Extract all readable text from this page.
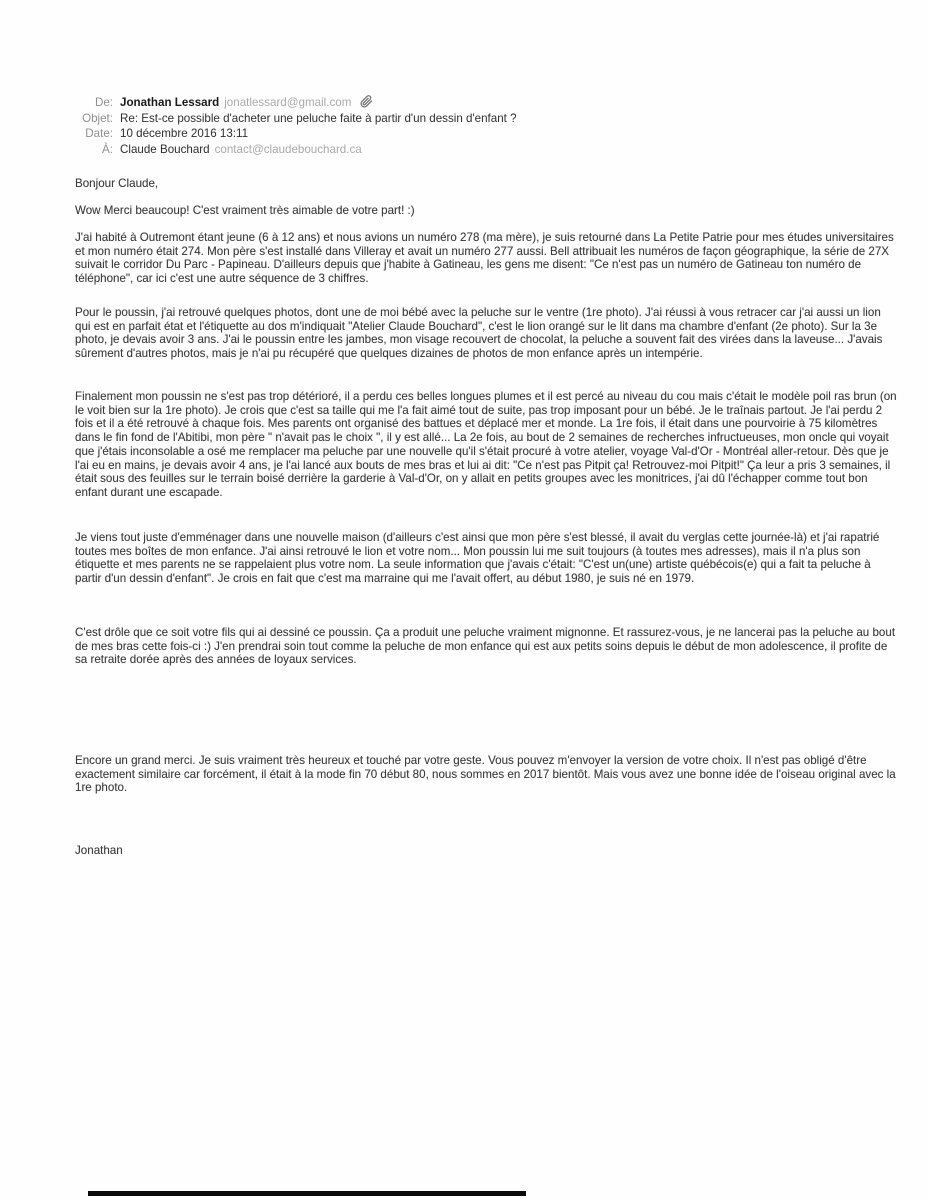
De: Jonathan Lessard jonatlessard@gmail.com
Objet: Re: Est-ce possible d'acheter une peluche faite à partir d'un dessin d'enfant ?
Date: 10 décembre 2016 13:11
À: Claude Bouchard contact@claudebouchard.ca

Bonjour Claude,

Wow Merci beaucoup! C'est vraiment très aimable de votre part! :)

J'ai habité à Outremont étant jeune (6 à 12 ans) et nous avions un numéro 278 (ma mère), je suis retourné dans La Petite Patrie pour mes études universitaires et mon numéro était 274. Mon père s'est installé dans Villeray et avait un numéro 277 aussi. Bell attribuait les numéros de façon géographique, la série de 27X suivait le corridor Du Parc - Papineau. D'ailleurs depuis que j'habite à Gatineau, les gens me disent: "Ce n'est pas un numéro de Gatineau ton numéro de téléphone", car ici c'est une autre séquence de 3 chiffres.

Pour le poussin, j'ai retrouvé quelques photos, dont une de moi bébé avec la peluche sur le ventre (1re photo). J'ai réussi à vous retracer car j'ai aussi un lion qui est en parfait état et l'étiquette au dos m'indiquait "Atelier Claude Bouchard", c'est le lion orangé sur le lit dans ma chambre d'enfant (2e photo). Sur la 3e photo, je devais avoir 3 ans. J'ai le poussin entre les jambes, mon visage recouvert de chocolat, la peluche a souvent fait des virées dans la laveuse... J'avais sûrement d'autres photos, mais je n'ai pu récupéré que quelques dizaines de photos de mon enfance après un intempérie.

Finalement mon poussin ne s'est pas trop détérioré, il a perdu ces belles longues plumes et il est percé au niveau du cou mais c'était le modèle poil ras brun (on le voit bien sur la 1re photo). Je crois que c'est sa taille qui me l'a fait aimé tout de suite, pas trop imposant pour un bébé. Je le traînais partout. Je l'ai perdu 2 fois et il a été retrouvé à chaque fois. Mes parents ont organisé des battues et déplacé mer et monde. La 1re fois, il était dans une pourvoirie à 75 kilomètres dans le fin fond de l'Abitibi, mon père " n'avait pas le choix ", il y est allé... La 2e fois, au bout de 2 semaines de recherches infructueuses, mon oncle qui voyait que j'étais inconsolable a osé me remplacer ma peluche par une nouvelle qu'il s'était procuré à votre atelier, voyage Val-d'Or - Montréal aller-retour. Dès que je l'ai eu en mains, je devais avoir 4 ans, je l'ai lancé aux bouts de mes bras et lui ai dit: "Ce n'est pas Pitpit ça! Retrouvez-moi Pitpit!" Ça leur a pris 3 semaines, il était sous des feuilles sur le terrain boisé derrière la garderie à Val-d'Or, on y allait en petits groupes avec les monitrices, j'ai dû l'échapper comme tout bon enfant durant une escapade.

Je viens tout juste d'emménager dans une nouvelle maison (d'ailleurs c'est ainsi que mon père s'est blessé, il avait du verglas cette journée-là) et j'ai rapatrié toutes mes boîtes de mon enfance. J'ai ainsi retrouvé le lion et votre nom... Mon poussin lui me suit toujours (à toutes mes adresses), mais il n'a plus son étiquette et mes parents ne se rappelaient plus votre nom. La seule information que j'avais c'était: "C'est un(une) artiste québécois(e) qui a fait ta peluche à partir d'un dessin d'enfant". Je crois en fait que c'est ma marraine qui me l'avait offert, au début 1980, je suis né en 1979.

C'est drôle que ce soit votre fils qui ai dessiné ce poussin. Ça a produit une peluche vraiment mignonne. Et rassurez-vous, je ne lancerai pas la peluche au bout de mes bras cette fois-ci :) J'en prendrai soin tout comme la peluche de mon enfance qui est aux petits soins depuis le début de mon adolescence, il profite de sa retraite dorée après des années de loyaux services.

Encore un grand merci. Je suis vraiment très heureux et touché par votre geste. Vous pouvez m'envoyer la version de votre choix. Il n'est pas obligé d'être exactement similaire car forcément, il était à la mode fin 70 début 80, nous sommes en 2017 bientôt. Mais vous avez une bonne idée de l'oiseau original avec la 1re photo.

Jonathan
